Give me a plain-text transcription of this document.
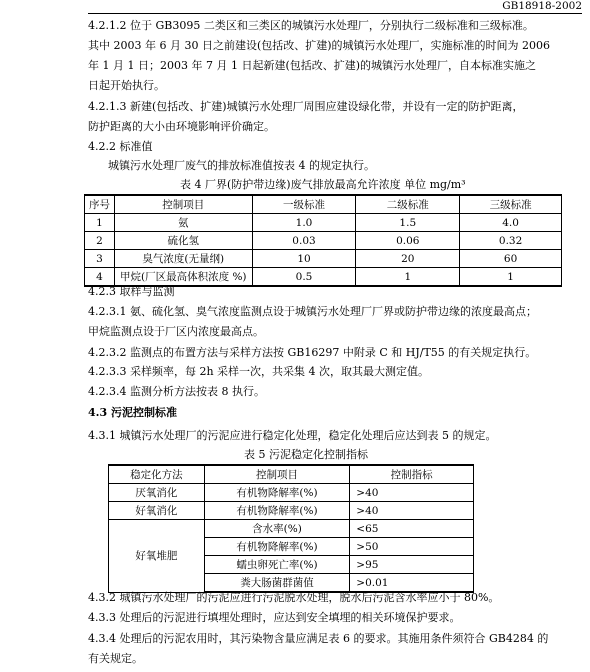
GB18918-2002
4.2.1.2 位于 GB3095 二类区和三类区的城镇污水处理厂，分别执行二级标准和三级标准。
其中 2003 年 6 月 30 日之前建设(包括改、扩建)的城镇污水处理厂，实施标准的时间为 2006
年 1 月 1 日；2003 年 7 月 1 日起新建(包括改、扩建)的城镇污水处理厂，自本标准实施之
日起开始执行。
4.2.1.3 新建(包括改、扩建)城镇污水处理厂周围应建设绿化带，并设有一定的防护距离，
防护距离的大小由环境影响评价确定。
4.2.2 标准值
城镇污水处理厂废气的排放标准值按表 4 的规定执行。
表 4 厂界(防护带边缘)废气排放最高允许浓度 单位 mg/m³
序号	控制项目	一级标准	二级标准	三级标准
1	氨	1.0	1.5	4.0
2	硫化氢	0.03	0.06	0.32
3	臭气浓度(无量纲)	10	20	60
4	甲烷(厂区最高体积浓度 %)	0.5	1	1
4.2.3 取样与监测
4.2.3.1 氨、硫化氢、臭气浓度监测点设于城镇污水处理厂厂界或防护带边缘的浓度最高点；
甲烷监测点设于厂区内浓度最高点。
4.2.3.2 监测点的布置方法与采样方法按 GB16297 中附录 C 和 HJ/T55 的有关规定执行。
4.2.3.3 采样频率，每 2h 采样一次，共采集 4 次，取其最大测定值。
4.2.3.4 监测分析方法按表 8 执行。
4.3 污泥控制标准
4.3.1 城镇污水处理厂的污泥应进行稳定化处理，稳定化处理后应达到表 5 的规定。
表 5 污泥稳定化控制指标
稳定化方法	控制项目	控制指标
厌氧消化	有机物降解率(%)	>40
好氧消化	有机物降解率(%)	>40
好氧堆肥	含水率(%)	<65
	有机物降解率(%)	>50
	蠕虫卵死亡率(%)	>95
	粪大肠菌群菌值	>0.01
4.3.2 城镇污水处理厂的污泥应进行污泥脱水处理，脱水后污泥含水率应小于 80%。
4.3.3 处理后的污泥进行填埋处理时，应达到安全填埋的相关环境保护要求。
4.3.4 处理后的污泥农用时，其污染物含量应满足表 6 的要求。其施用条件须符合 GB4284 的
有关规定。
